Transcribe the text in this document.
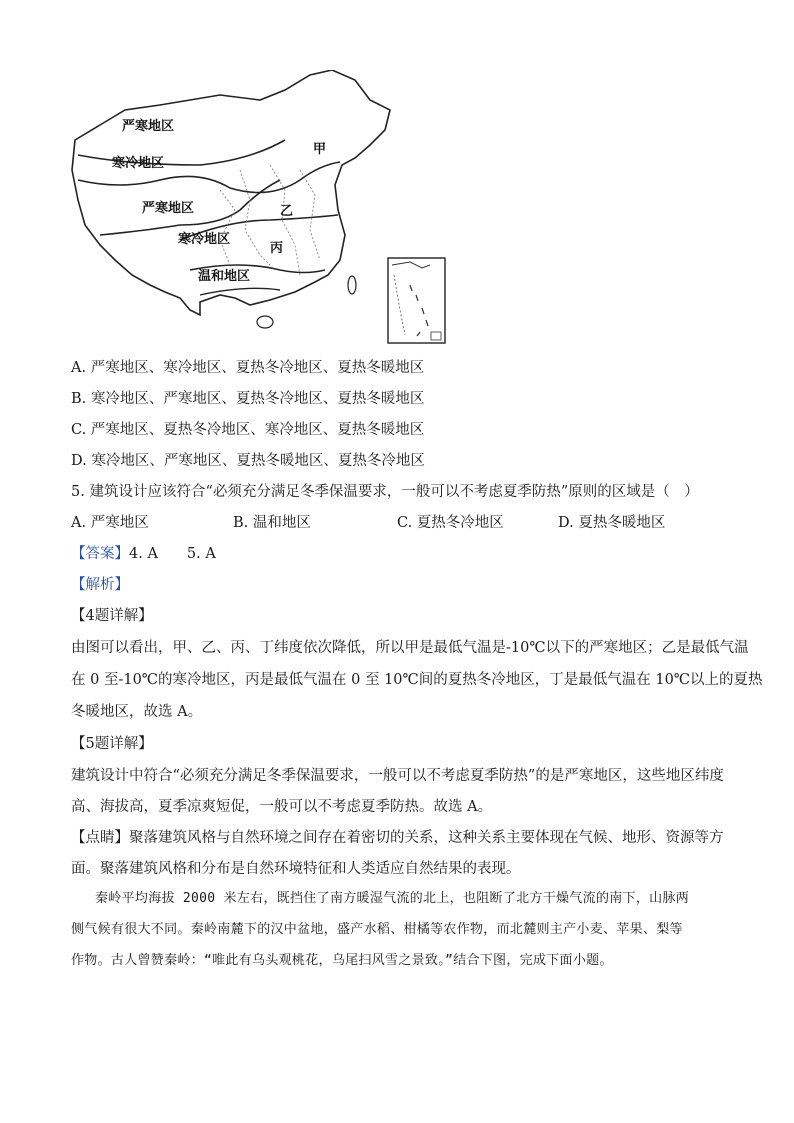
严寒地区
寒冷地区
严寒地区
寒冷地区
温和地区
甲
乙
丙
A. 严寒地区、寒冷地区、夏热冬冷地区、夏热冬暖地区
B. 寒冷地区、严寒地区、夏热冬冷地区、夏热冬暖地区
C. 严寒地区、夏热冬冷地区、寒冷地区、夏热冬暖地区
D. 寒冷地区、严寒地区、夏热冬暖地区、夏热冬冷地区
5. 建筑设计应该符合“必须充分满足冬季保温要求，一般可以不考虑夏季防热”原则的区域是（　）
A. 严寒地区	B. 温和地区	C. 夏热冬冷地区	D. 夏热冬暖地区
【答案】4. A　　5. A
【解析】
【4题详解】
由图可以看出，甲、乙、丙、丁纬度依次降低，所以甲是最低气温是-10℃以下的严寒地区；乙是最低气温
在 0 至-10℃的寒冷地区，丙是最低气温在 0 至 10℃间的夏热冬冷地区，丁是最低气温在 10℃以上的夏热
冬暖地区，故选 A。
【5题详解】
建筑设计中符合“必须充分满足冬季保温要求，一般可以不考虑夏季防热”的是严寒地区，这些地区纬度
高、海拔高，夏季凉爽短促，一般可以不考虑夏季防热。故选 A。
【点睛】聚落建筑风格与自然环境之间存在着密切的关系，这种关系主要体现在气候、地形、资源等方
面。聚落建筑风格和分布是自然环境特征和人类适应自然结果的表现。
秦岭平均海拔 2000 米左右，既挡住了南方暖湿气流的北上，也阻断了北方干燥气流的南下，山脉两
侧气候有很大不同。秦岭南麓下的汉中盆地，盛产水稻、柑橘等农作物，而北麓则主产小麦、苹果、梨等
作物。古人曾赞秦岭：“唯此有乌头观桃花，乌尾扫风雪之景致。”结合下图，完成下面小题。
